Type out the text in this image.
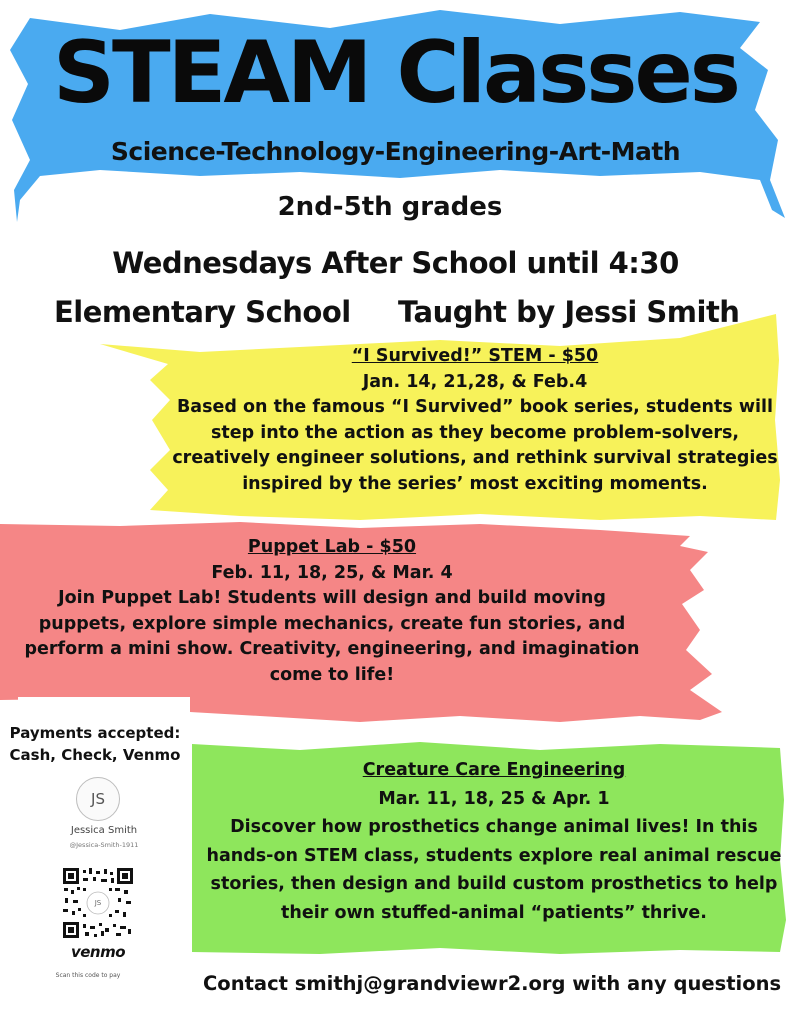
STEAM Classes
Science-Technology-Engineering-Art-Math
2nd-5th grades
Wednesdays After School until 4:30
Elementary School Taught by Jessi Smith
“I Survived!” STEM - $50
Jan. 14, 21,28, & Feb.4
Based on the famous “I Survived” book series, students will
step into the action as they become problem-solvers,
creatively engineer solutions, and rethink survival strategies
inspired by the series’ most exciting moments.
Puppet Lab - $50
Feb. 11, 18, 25, & Mar. 4
Join Puppet Lab! Students will design and build moving
puppets, explore simple mechanics, create fun stories, and
perform a mini show. Creativity, engineering, and imagination
come to life!
Creature Care Engineering
Mar. 11, 18, 25 & Apr. 1
Discover how prosthetics change animal lives! In this
hands-on STEM class, students explore real animal rescue
stories, then design and build custom prosthetics to help
their own stuffed-animal “patients” thrive.
Payments accepted:
Cash, Check, Venmo
JS
Jessica Smith
@Jessica-Smith-1911
JS
venmo
Scan this code to pay	Contact smithj@grandviewr2.org with any questions
